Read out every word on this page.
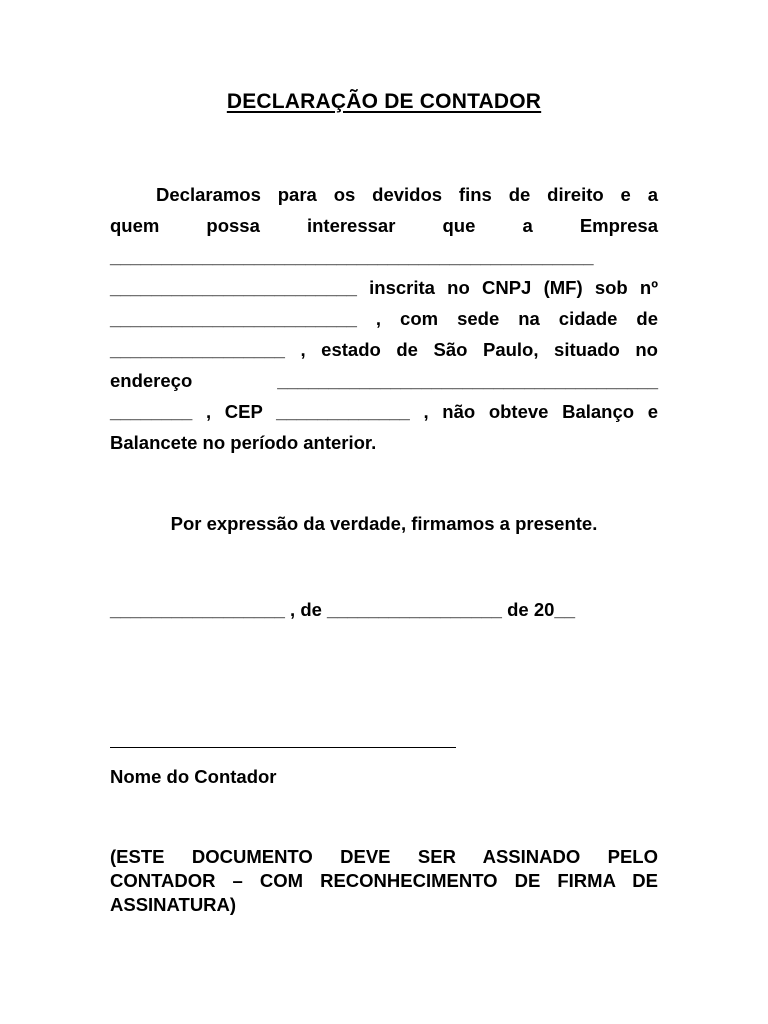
DECLARAÇÃO DE CONTADOR
Declaramos para os devidos fins de direito e a
quem possa interessar que a Empresa
_______________________________________________
________________________ inscrita no CNPJ (MF) sob nº
________________________ , com sede na cidade de
_________________ , estado de São Paulo, situado no
endereço _____________________________________
________ , CEP _____________ , não obteve Balanço e
Balancete no período anterior.
Por expressão da verdade, firmamos a presente.
_________________ , de _________________ de 20__
Nome do Contador
(ESTE DOCUMENTO DEVE SER ASSINADO PELO
CONTADOR – COM RECONHECIMENTO DE FIRMA DE
ASSINATURA)
